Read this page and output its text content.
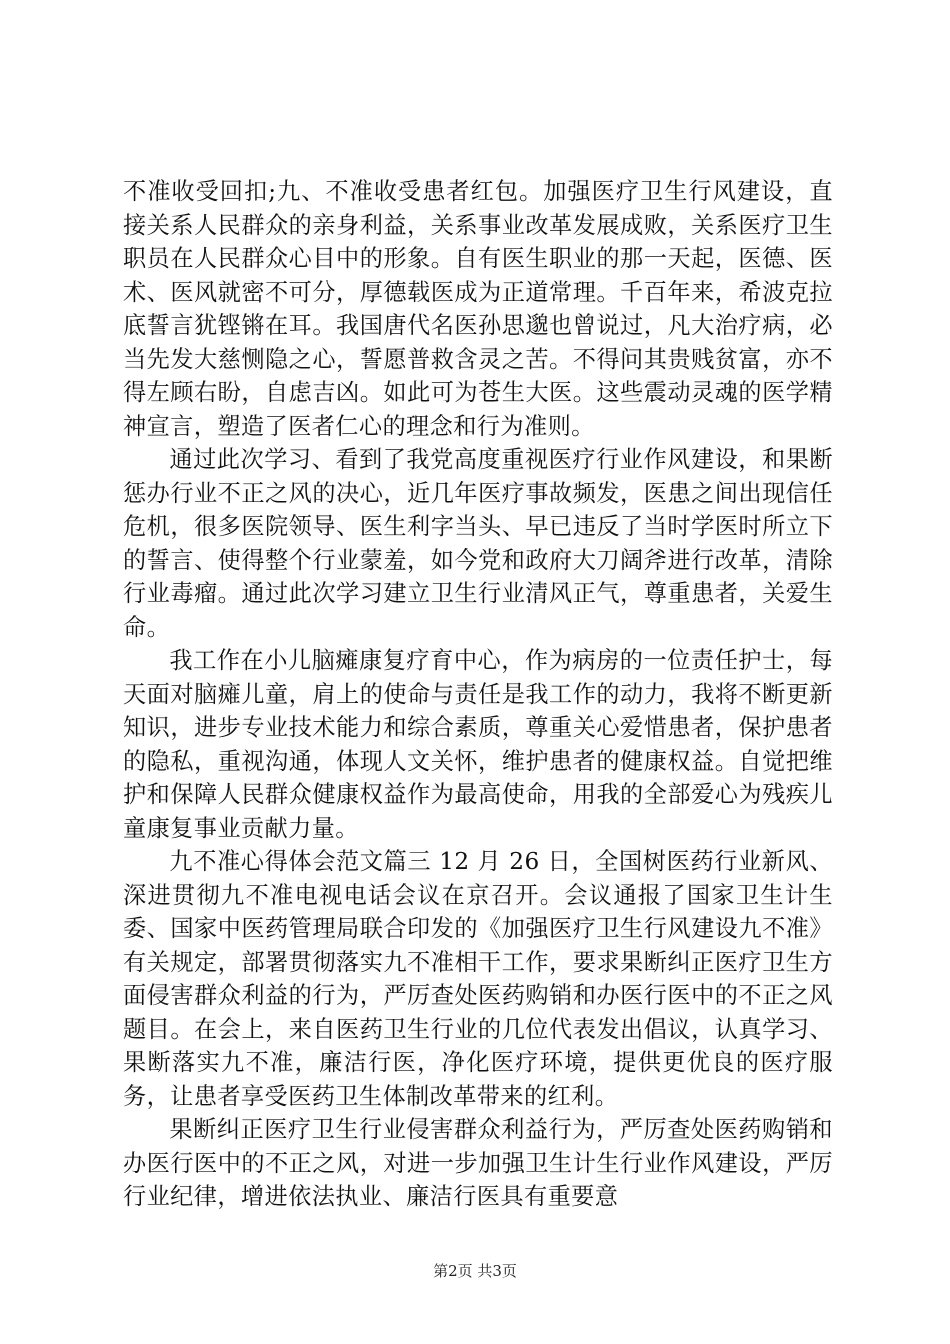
不准收受回扣;九、不准收受患者红包。加强医疗卫生行风建设，直接关系人民群众的亲身利益，关系事业改革发展成败，关系医疗卫生职员在人民群众心目中的形象。自有医生职业的那一天起，医德、医术、医风就密不可分，厚德载医成为正道常理。千百年来，希波克拉底誓言犹铿锵在耳。我国唐代名医孙思邈也曾说过，凡大治疗病，必当先发大慈恻隐之心，誓愿普救含灵之苦。不得问其贵贱贫富，亦不得左顾右盼，自虑吉凶。如此可为苍生大医。这些震动灵魂的医学精神宣言，塑造了医者仁心的理念和行为准则。

通过此次学习、看到了我党高度重视医疗行业作风建设，和果断惩办行业不正之风的决心，近几年医疗事故频发，医患之间出现信任危机，很多医院领导、医生利字当头、早已违反了当时学医时所立下的誓言、使得整个行业蒙羞，如今党和政府大刀阔斧进行改革，清除行业毒瘤。通过此次学习建立卫生行业清风正气，尊重患者，关爱生命。

我工作在小儿脑瘫康复疗育中心，作为病房的一位责任护士，每天面对脑瘫儿童，肩上的使命与责任是我工作的动力，我将不断更新知识，进步专业技术能力和综合素质，尊重关心爱惜患者，保护患者的隐私，重视沟通，体现人文关怀，维护患者的健康权益。自觉把维护和保障人民群众健康权益作为最高使命，用我的全部爱心为残疾儿童康复事业贡献力量。

九不准心得体会范文篇三 12 月 26 日，全国树医药行业新风、深进贯彻九不准电视电话会议在京召开。会议通报了国家卫生计生委、国家中医药管理局联合印发的《加强医疗卫生行风建设九不准》有关规定，部署贯彻落实九不准相干工作，要求果断纠正医疗卫生方面侵害群众利益的行为，严厉查处医药购销和办医行医中的不正之风题目。在会上，来自医药卫生行业的几位代表发出倡议，认真学习、果断落实九不准，廉洁行医，净化医疗环境，提供更优良的医疗服务，让患者享受医药卫生体制改革带来的红利。

果断纠正医疗卫生行业侵害群众利益行为，严厉查处医药购销和办医行医中的不正之风，对进一步加强卫生计生行业作风建设，严厉行业纪律，增进依法执业、廉洁行医具有重要意

第2页 共3页
